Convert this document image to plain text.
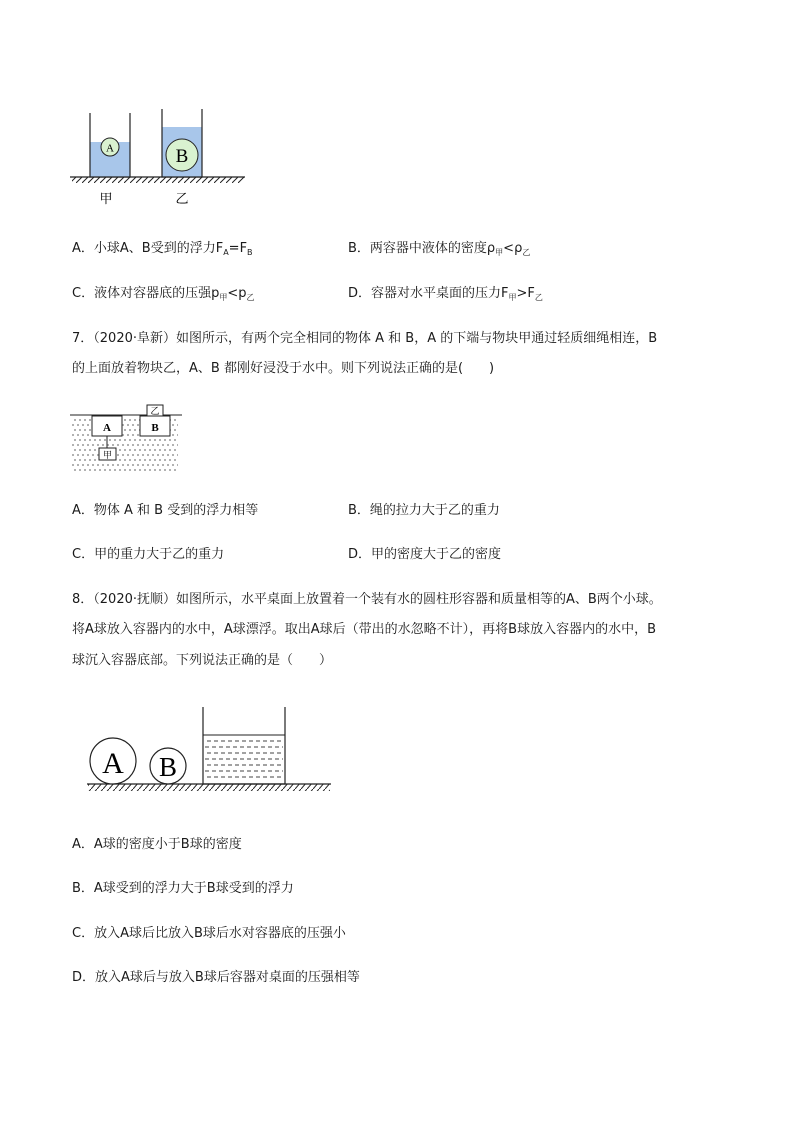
A	B
甲	乙
A．小球A、B受到的浮力$F_A=F_B$	B．两容器中液体的密度$\rho_甲<\rho_乙$
C．液体对容器底的压强$p_甲<p_乙$	D．容器对水平桌面的压力$F_甲>F_乙$
7．（2020·阜新）如图所示，有两个完全相同的物体 A 和 B，A 的下端与物块甲通过轻质细绳相连，B
的上面放着物块乙，A、B 都刚好浸没于水中。则下列说法正确的是(　　)
A
甲
B
乙
A．物体 A 和 B 受到的浮力相等	B．绳的拉力大于乙的重力
C．甲的重力大于乙的重力	D．甲的密度大于乙的密度
8．（2020·抚顺）如图所示，水平桌面上放置着一个装有水的圆柱形容器和质量相等的A、B两个小球。
将A球放入容器内的水中，A球漂浮。取出A球后（带出的水忽略不计），再将B球放入容器内的水中，B
球沉入容器底部。下列说法正确的是（　　）
A B
A．A球的密度小于B球的密度
B．A球受到的浮力大于B球受到的浮力
C．放入A球后比放入B球后水对容器底的压强小
D．放入A球后与放入B球后容器对桌面的压强相等
